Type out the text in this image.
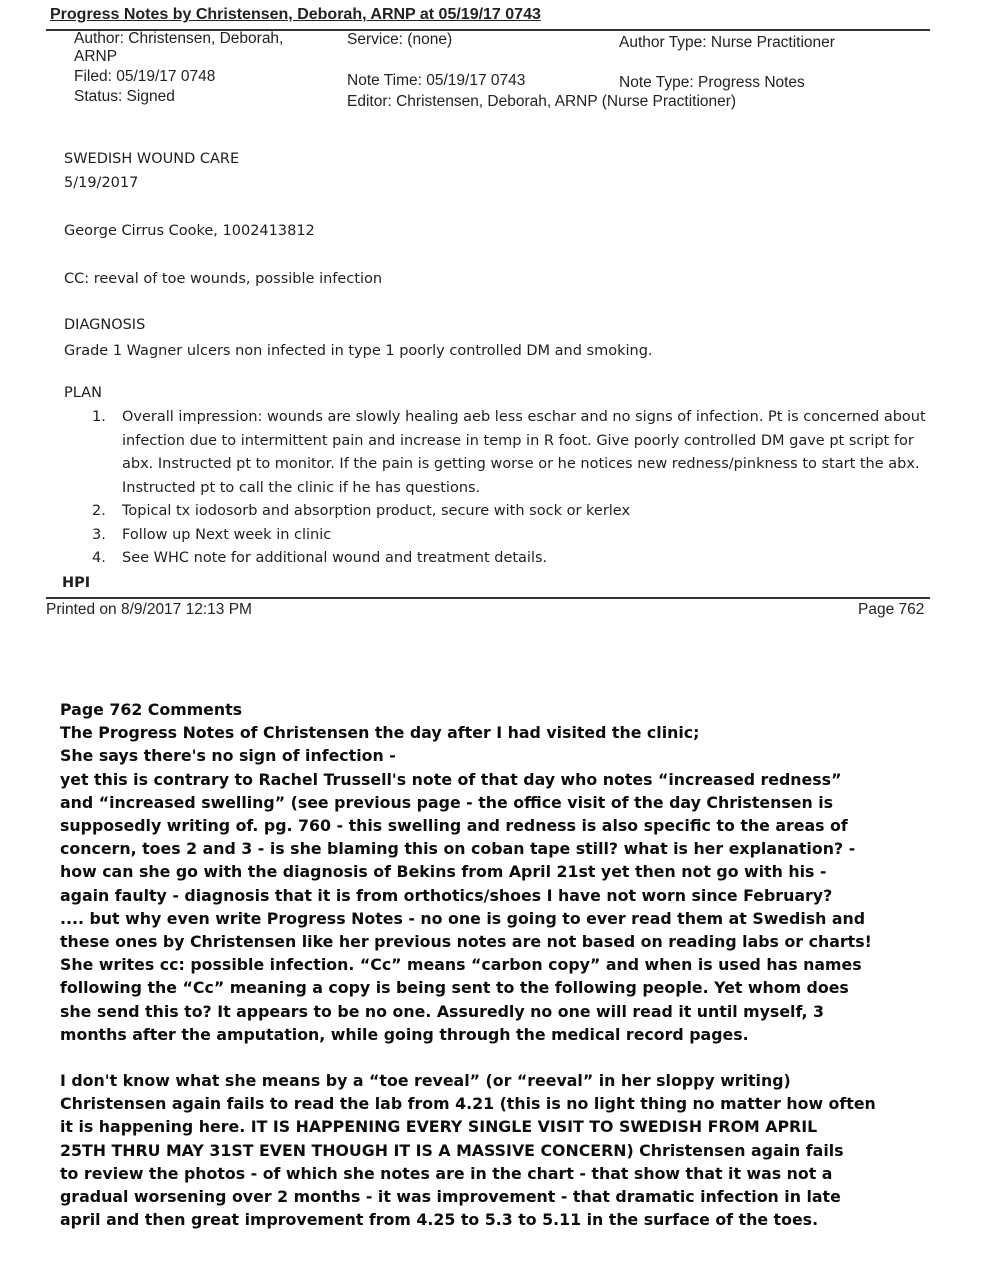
Progress Notes by Christensen, Deborah, ARNP at 05/19/17 0743
Author: Christensen, Deborah,
ARNP
Service: (none)	Author Type: Nurse Practitioner
Filed: 05/19/17 0748	Note Time: 05/19/17 0743	Note Type: Progress Notes
Status: Signed	Editor: Christensen, Deborah, ARNP (Nurse Practitioner)
SWEDISH WOUND CARE
5/19/2017
George Cirrus Cooke, 1002413812
CC: reeval of toe wounds, possible infection
DIAGNOSIS
Grade 1 Wagner ulcers non infected in type 1 poorly controlled DM and smoking.
PLAN
1. Overall impression: wounds are slowly healing aeb less eschar and no signs of infection. Pt is concerned about
infection due to intermittent pain and increase in temp in R foot. Give poorly controlled DM gave pt script for
abx. Instructed pt to monitor. If the pain is getting worse or he notices new redness/pinkness to start the abx.
Instructed pt to call the clinic if he has questions.
2. Topical tx iodosorb and absorption product, secure with sock or kerlex
3. Follow up Next week in clinic
4. See WHC note for additional wound and treatment details.
HPI
Printed on 8/9/2017 12:13 PM	Page 762

Page 762 Comments

The Progress Notes of Christensen the day after I had visited the clinic;

She says there's no sign of infection -

yet this is contrary to Rachel Trussell's note of that day who notes “increased redness”

and “increased swelling” (see previous page - the office visit of the day Christensen is

supposedly writing of. pg. 760 - this swelling and redness is also specific to the areas of

concern, toes 2 and 3 - is she blaming this on coban tape still? what is her explanation? -

how can she go with the diagnosis of Bekins from April 21st yet then not go with his -

again faulty - diagnosis that it is from orthotics/shoes I have not worn since February?

.... but why even write Progress Notes - no one is going to ever read them at Swedish and

these ones by Christensen like her previous notes are not based on reading labs or charts!

She writes cc: possible infection. “Cc” means “carbon copy” and when is used has names

following the “Cc” meaning a copy is being sent to the following people. Yet whom does

she send this to? It appears to be no one. Assuredly no one will read it until myself, 3

months after the amputation, while going through the medical record pages.

I don't know what she means by a “toe reveal” (or “reeval” in her sloppy writing)

Christensen again fails to read the lab from 4.21 (this is no light thing no matter how often

it is happening here. IT IS HAPPENING EVERY SINGLE VISIT TO SWEDISH FROM APRIL

25TH THRU MAY 31ST EVEN THOUGH IT IS A MASSIVE CONCERN) Christensen again fails

to review the photos - of which she notes are in the chart - that show that it was not a

gradual worsening over 2 months - it was improvement - that dramatic infection in late

april and then great improvement from 4.25 to 5.3 to 5.11 in the surface of the toes.
